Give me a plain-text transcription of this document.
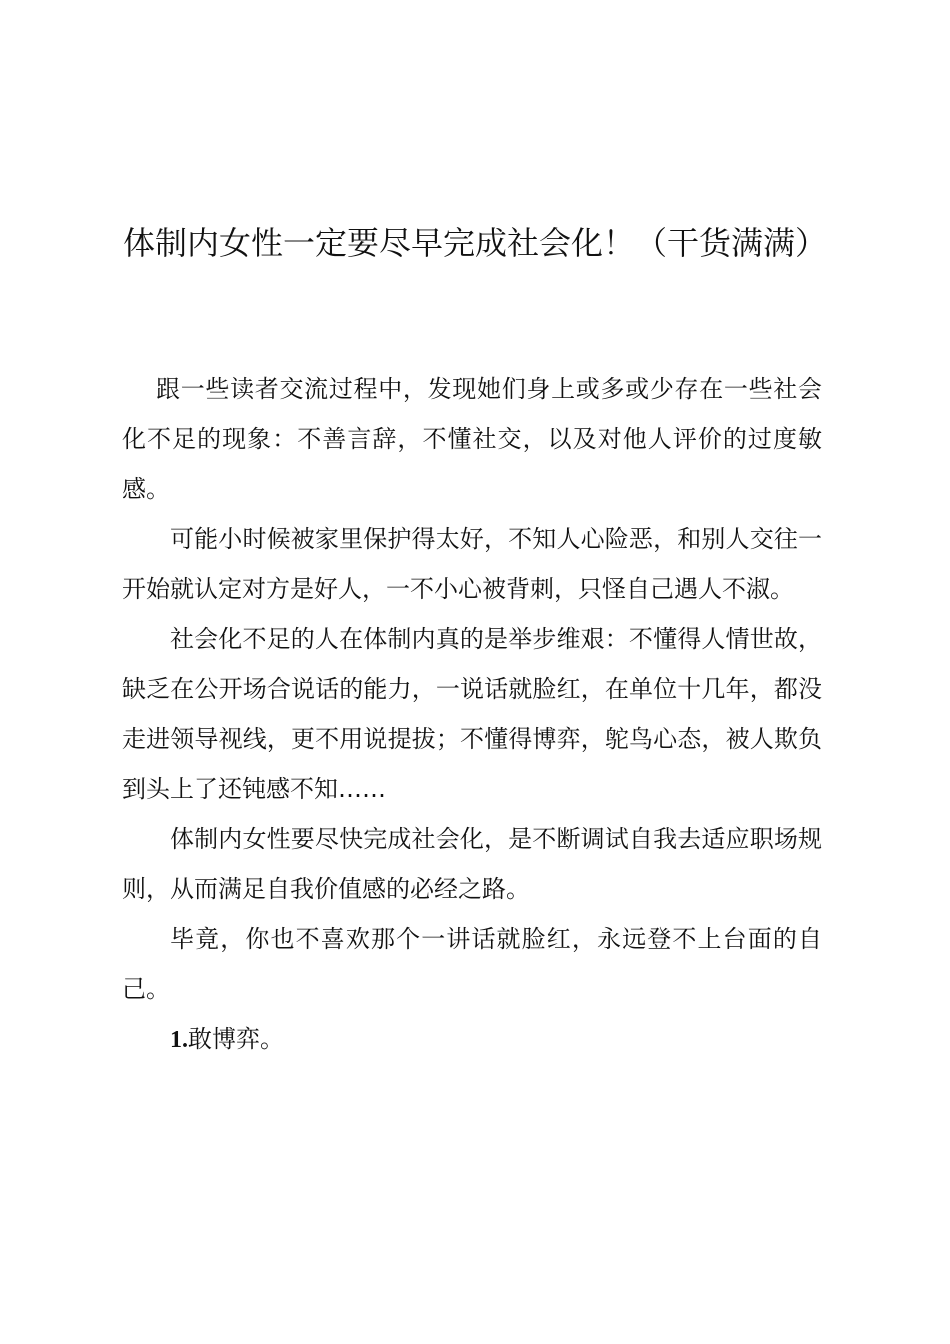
体制内女性一定要尽早完成社会化！（干货满满）

跟一些读者交流过程中，发现她们身上或多或少存在一些社会化不足的现象：不善言辞，不懂社交，以及对他人评价的过度敏感。

可能小时候被家里保护得太好，不知人心险恶，和别人交往一开始就认定对方是好人，一不小心被背刺，只怪自己遇人不淑。

社会化不足的人在体制内真的是举步维艰：不懂得人情世故，缺乏在公开场合说话的能力，一说话就脸红，在单位十几年，都没走进领导视线，更不用说提拔；不懂得博弈，鸵鸟心态，被人欺负到头上了还钝感不知……

体制内女性要尽快完成社会化，是不断调试自我去适应职场规则，从而满足自我价值感的必经之路。

毕竟，你也不喜欢那个一讲话就脸红，永远登不上台面的自己。

1.敢博弈。
